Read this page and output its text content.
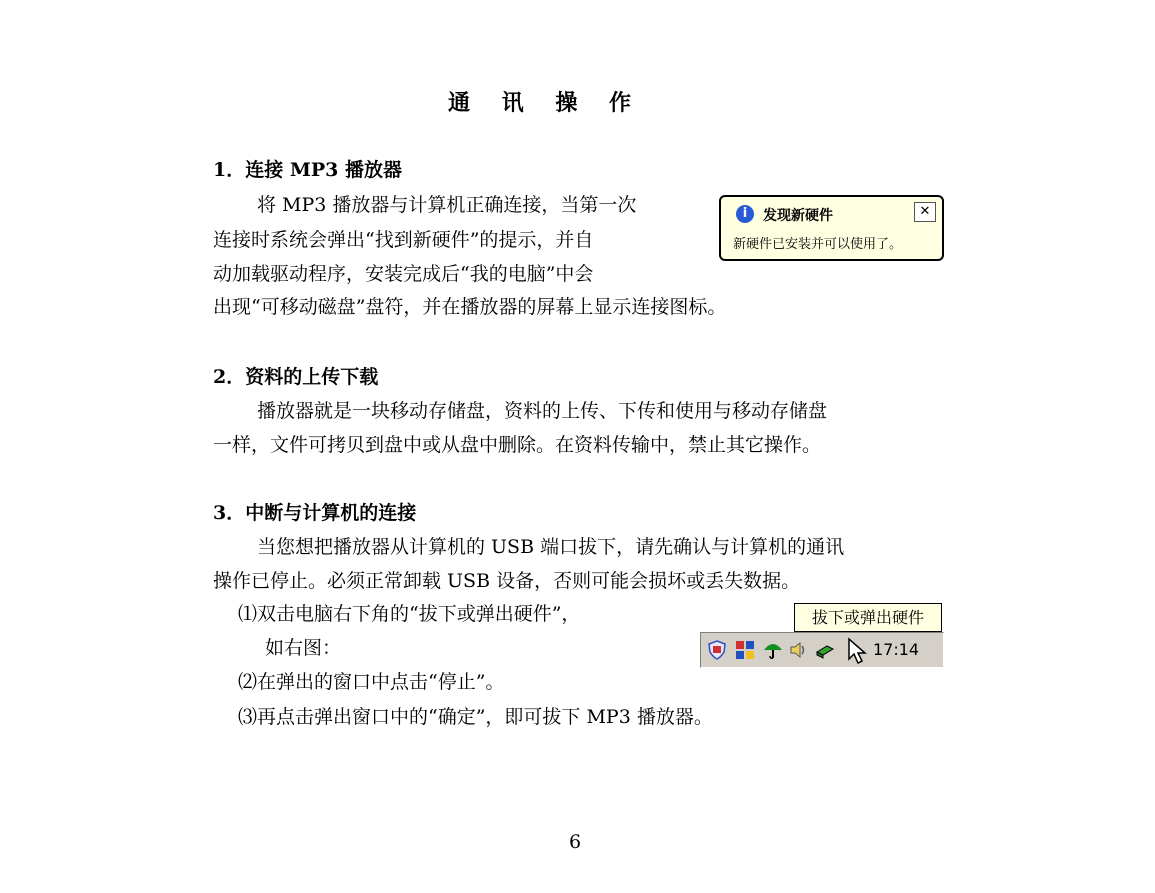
通 讯 操 作
1．连接 MP3 播放器
将 MP3 播放器与计算机正确连接，当第一次
连接时系统会弹出“找到新硬件”的提示，并自
动加载驱动程序，安装完成后“我的电脑”中会
出现“可移动磁盘”盘符，并在播放器的屏幕上显示连接图标。
i	发现新硬件	✕
新硬件已安装并可以使用了。
2．资料的上传下载
播放器就是一块移动存储盘，资料的上传、下传和使用与移动存储盘
一样，文件可拷贝到盘中或从盘中删除。在资料传输中，禁止其它操作。
3．中断与计算机的连接
当您想把播放器从计算机的 USB 端口拔下，请先确认与计算机的通讯
操作已停止。必须正常卸载 USB 设备，否则可能会损坏或丢失数据。
⑴双击电脑右下角的“拔下或弹出硬件”，
如右图：
⑵在弹出的窗口中点击“停止”。
⑶再点击弹出窗口中的“确定”，即可拔下 MP3 播放器。
拔下或弹出硬件
17:14
6
